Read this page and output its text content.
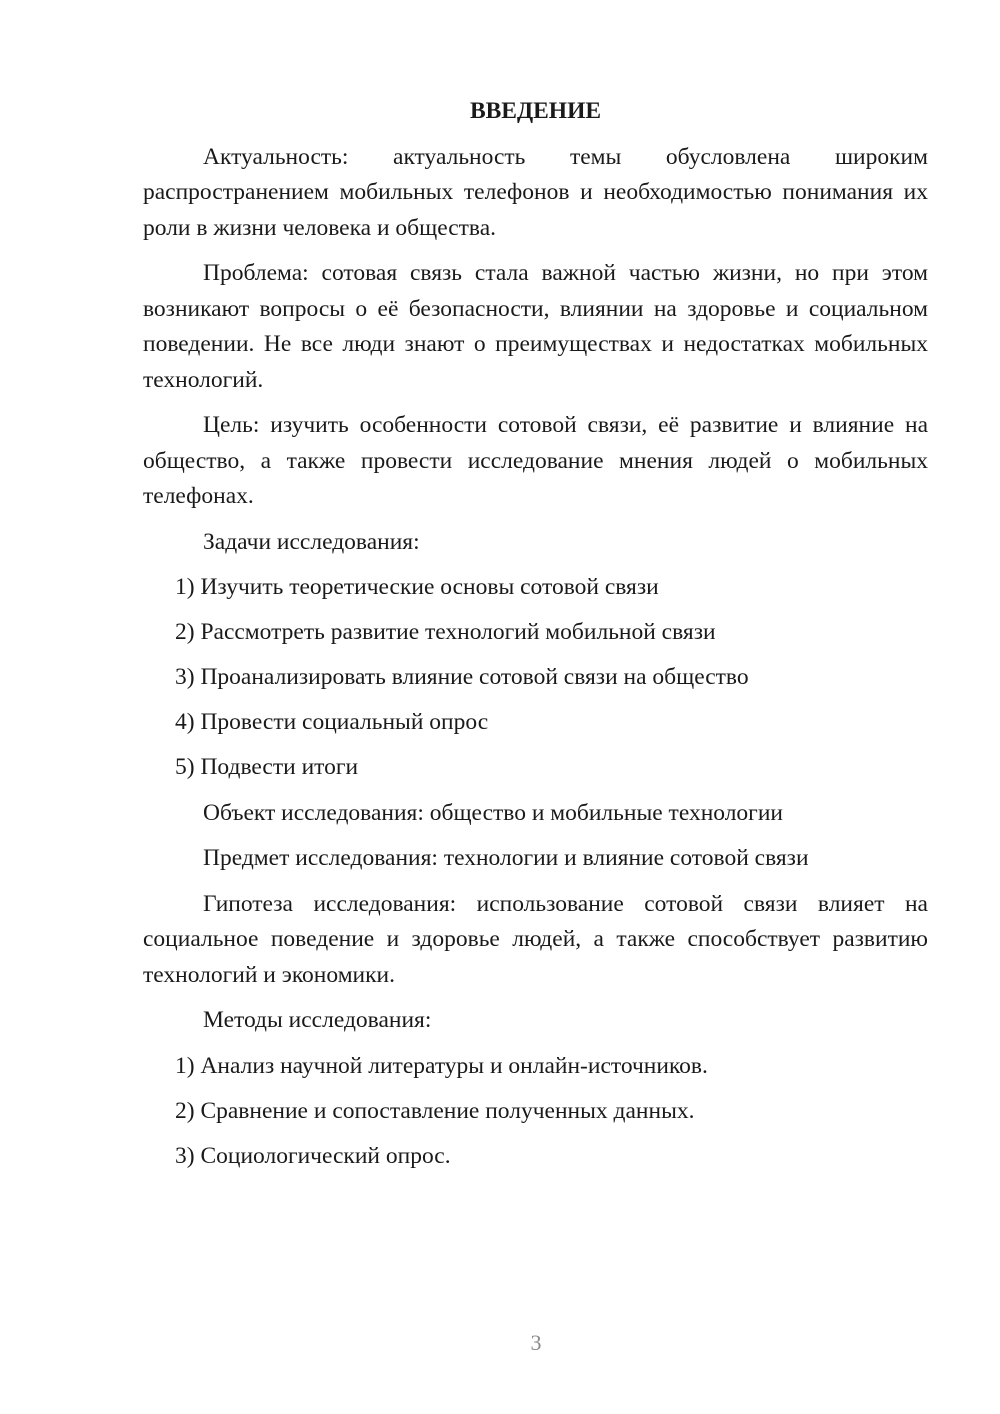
ВВЕДЕНИЕ

Актуальность: актуальность темы обусловлена широким распространением мобильных телефонов и необходимостью понимания их роли в жизни человека и общества.

Проблема: сотовая связь стала важной частью жизни, но при этом возникают вопросы о её безопасности, влиянии на здоровье и социальном поведении. Не все люди знают о преимуществах и недостатках мобильных технологий.

Цель: изучить особенности сотовой связи, её развитие и влияние на общество, а также провести исследование мнения людей о мобильных телефонах.

Задачи исследования:

1) Изучить теоретические основы сотовой связи
2) Рассмотреть развитие технологий мобильной связи
3) Проанализировать влияние сотовой связи на общество
4) Провести социальный опрос
5) Подвести итоги

Объект исследования: общество и мобильные технологии

Предмет исследования: технологии и влияние сотовой связи

Гипотеза исследования: использование сотовой связи влияет на социальное поведение и здоровье людей, а также способствует развитию технологий и экономики.

Методы исследования:

1) Анализ научной литературы и онлайн-источников.
2) Сравнение и сопоставление полученных данных.
3) Социологический опрос.
3
